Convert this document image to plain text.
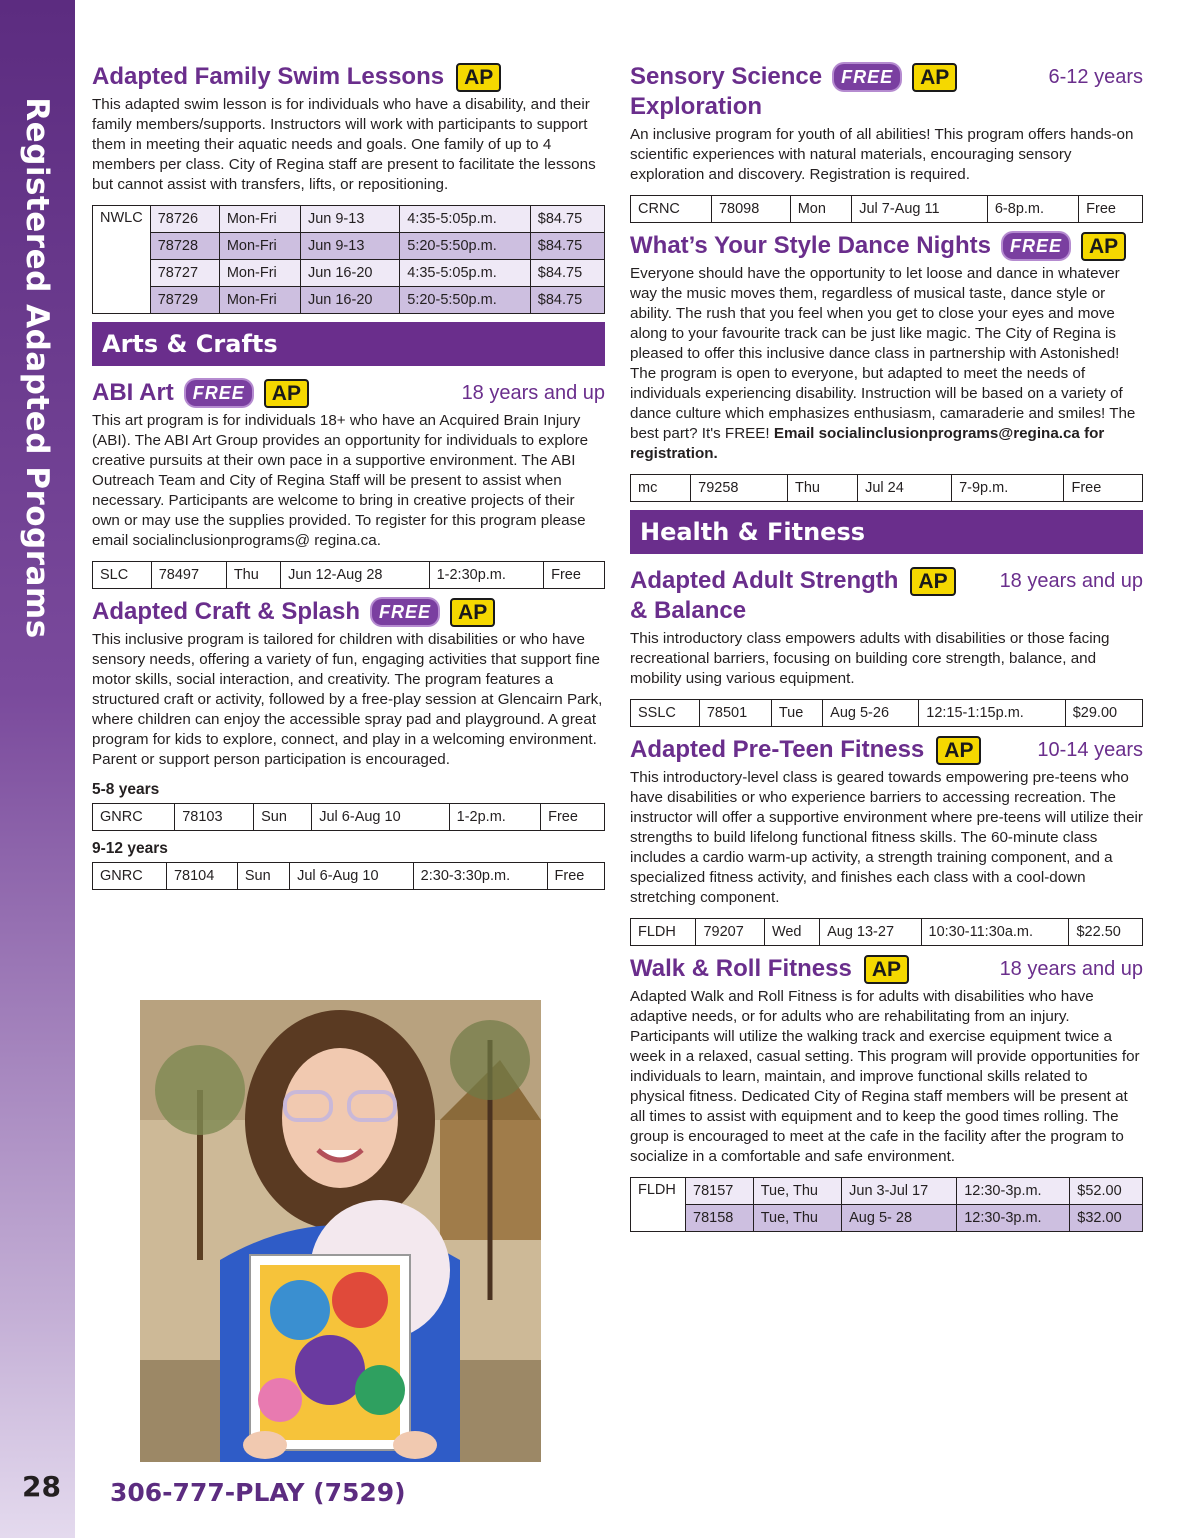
Registered Adapted Programs
28 306-777-PLAY (7529)
Adapted Family Swim Lessons AP
This adapted swim lesson is for individuals who have a disability, and their family members/supports. Instructors will work with participants to support them in meeting their aquatic needs and goals. One family of up to 4 members per class. City of Regina staff are present to facilitate the lessons but cannot assist with transfers, lifts, or repositioning.
NWLC	78726	Mon-Fri	Jun 9-13	4:35-5:05p.m.	$84.75
	78728	Mon-Fri	Jun 9-13	5:20-5:50p.m.	$84.75
	78727	Mon-Fri	Jun 16-20	4:35-5:05p.m.	$84.75
	78729	Mon-Fri	Jun 16-20	5:20-5:50p.m.	$84.75
Arts & Crafts
ABI Art	FREE	AP	18 years and up
This art program is for individuals 18+ who have an Acquired Brain Injury (ABI). The ABI Art Group provides an opportunity for individuals to explore creative pursuits at their own pace in a supportive environment. The ABI Outreach Team and City of Regina Staff will be present to assist when necessary. Participants are welcome to bring in creative projects of their own or may use the supplies provided. To register for this program please email socialinclusionprograms@ regina.ca.
SLC	78497	Thu	Jun 12-Aug 28	1-2:30p.m.	Free
Adapted Craft & Splash	FREE	AP
This inclusive program is tailored for children with disabilities or who have sensory needs, offering a variety of fun, engaging activities that support fine motor skills, social interaction, and creativity. The program features a structured craft or activity, followed by a free-play session at Glencairn Park, where children can enjoy the accessible spray pad and playground. A great program for kids to explore, connect, and play in a welcoming environment. Parent or support person participation is encouraged.
5-8 years
GNRC	78103	Sun	Jul 6-Aug 10	1-2p.m.	Free
9-12 years
GNRC	78104	Sun	Jul 6-Aug 10	2:30-3:30p.m.	Free
Sensory Science	FREE	AP
Exploration
6-12 years
An inclusive program for youth of all abilities! This program offers hands-on scientific experiences with natural materials, encouraging sensory exploration and discovery. Registration is required.
CRNC	78098	Mon	Jul 7-Aug 11	6-8p.m.	Free
What’s Your Style Dance Nights	FREE	AP
Everyone should have the opportunity to let loose and dance in whatever way the music moves them, regardless of musical taste, dance style or ability. The rush that you feel when you get to close your eyes and move along to your favourite track can be just like magic. The City of Regina is pleased to offer this inclusive dance class in partnership with Astonished! The program is open to everyone, but adapted to meet the needs of individuals experiencing disability. Instruction will be based on a variety of dance culture which emphasizes enthusiasm, camaraderie and smiles! The best part? It's FREE! Email socialinclusionprograms@regina.ca for registration.
mc	79258	Thu	Jul 24	7-9p.m.	Free
Health & Fitness
Adapted Adult Strength AP
& Balance
18 years and up
This introductory class empowers adults with disabilities or those facing recreational barriers, focusing on building core strength, balance, and mobility using various equipment.
SSLC	78501	Tue	Aug 5-26	12:15-1:15p.m.	$29.00
Adapted Pre-Teen Fitness AP	10-14 years
This introductory-level class is geared towards empowering pre-teens who have disabilities or who experience barriers to accessing recreation. The instructor will offer a supportive environment where pre-teens will utilize their strengths to build lifelong functional fitness skills. The 60-minute class includes a cardio warm-up activity, a strength training component, and a specialized fitness activity, and finishes each class with a cool-down stretching component.
FLDH	79207	Wed	Aug 13-27	10:30-11:30a.m.	$22.50
Walk & Roll Fitness AP	18 years and up
Adapted Walk and Roll Fitness is for adults with disabilities who have adaptive needs, or for adults who are rehabilitating from an injury. Participants will utilize the walking track and exercise equipment twice a week in a relaxed, casual setting. This program will provide opportunities for individuals to learn, maintain, and improve functional skills related to physical fitness. Dedicated City of Regina staff members will be present at all times to assist with equipment and to keep the good times rolling. The group is encouraged to meet at the cafe in the facility after the program to socialize in a comfortable and safe environment.
FLDH	78157	Tue, Thu	Jun 3-Jul 17	12:30-3p.m.	$52.00
	78158	Tue, Thu	Aug 5- 28	12:30-3p.m.	$32.00
